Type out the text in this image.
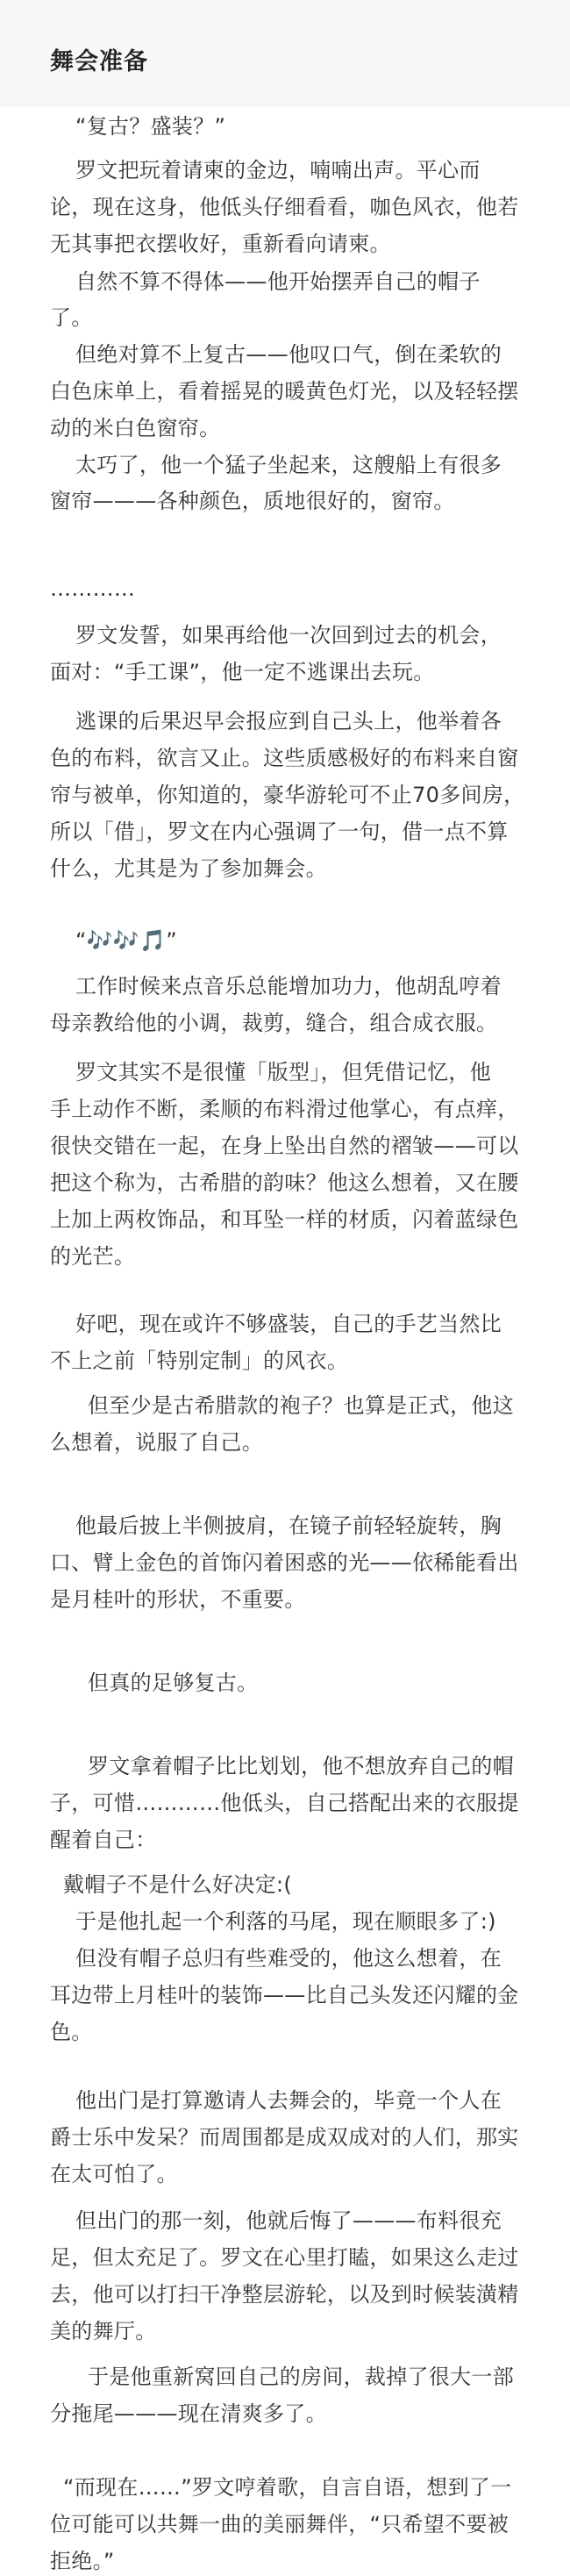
舞会准备
“复古？盛装？”
罗文把玩着请柬的金边，喃喃出声。平心而
论，现在这身，他低头仔细看看，咖色风衣，他若
无其事把衣摆收好，重新看向请柬。
自然不算不得体——他开始摆弄自己的帽子
了。
但绝对算不上复古——他叹口气，倒在柔软的
白色床单上，看着摇晃的暖黄色灯光，以及轻轻摆
动的米白色窗帘。
太巧了，他一个猛子坐起来，这艘船上有很多
窗帘———各种颜色，质地很好的，窗帘。
…………
罗文发誓，如果再给他一次回到过去的机会，
面对：“手工课”，他一定不逃课出去玩。
逃课的后果迟早会报应到自己头上，他举着各
色的布料，欲言又止。这些质感极好的布料来自窗
帘与被单，你知道的，豪华游轮可不止70多间房，
所以「借」，罗文在内心强调了一句，借一点不算
什么，尤其是为了参加舞会。
“🎶🎶🎵”
工作时候来点音乐总能增加功力，他胡乱哼着
母亲教给他的小调，裁剪，缝合，组合成衣服。
罗文其实不是很懂「版型」，但凭借记忆，他
手上动作不断，柔顺的布料滑过他掌心，有点痒，
很快交错在一起，在身上坠出自然的褶皱——可以
把这个称为，古希腊的韵味？他这么想着，又在腰
上加上两枚饰品，和耳坠一样的材质，闪着蓝绿色
的光芒。
好吧，现在或许不够盛装，自己的手艺当然比
不上之前「特别定制」的风衣。
但至少是古希腊款的袍子？也算是正式，他这
么想着，说服了自己。
他最后披上半侧披肩，在镜子前轻轻旋转，胸
口、臂上金色的首饰闪着困惑的光——依稀能看出
是月桂叶的形状，不重要。
但真的足够复古。
罗文拿着帽子比比划划，他不想放弃自己的帽
子，可惜…………他低头，自己搭配出来的衣服提
醒着自己：
戴帽子不是什么好决定:(
于是他扎起一个利落的马尾，现在顺眼多了:)
但没有帽子总归有些难受的，他这么想着，在
耳边带上月桂叶的装饰——比自己头发还闪耀的金
色。
他出门是打算邀请人去舞会的，毕竟一个人在
爵士乐中发呆？而周围都是成双成对的人们，那实
在太可怕了。
但出门的那一刻，他就后悔了———布料很充
足，但太充足了。罗文在心里打瞌，如果这么走过
去，他可以打扫干净整层游轮，以及到时候装潢精
美的舞厅。
于是他重新窝回自己的房间，裁掉了很大一部
分拖尾———现在清爽多了。
“而现在……”罗文哼着歌，自言自语，想到了一
位可能可以共舞一曲的美丽舞伴，“只希望不要被
拒绝。”
